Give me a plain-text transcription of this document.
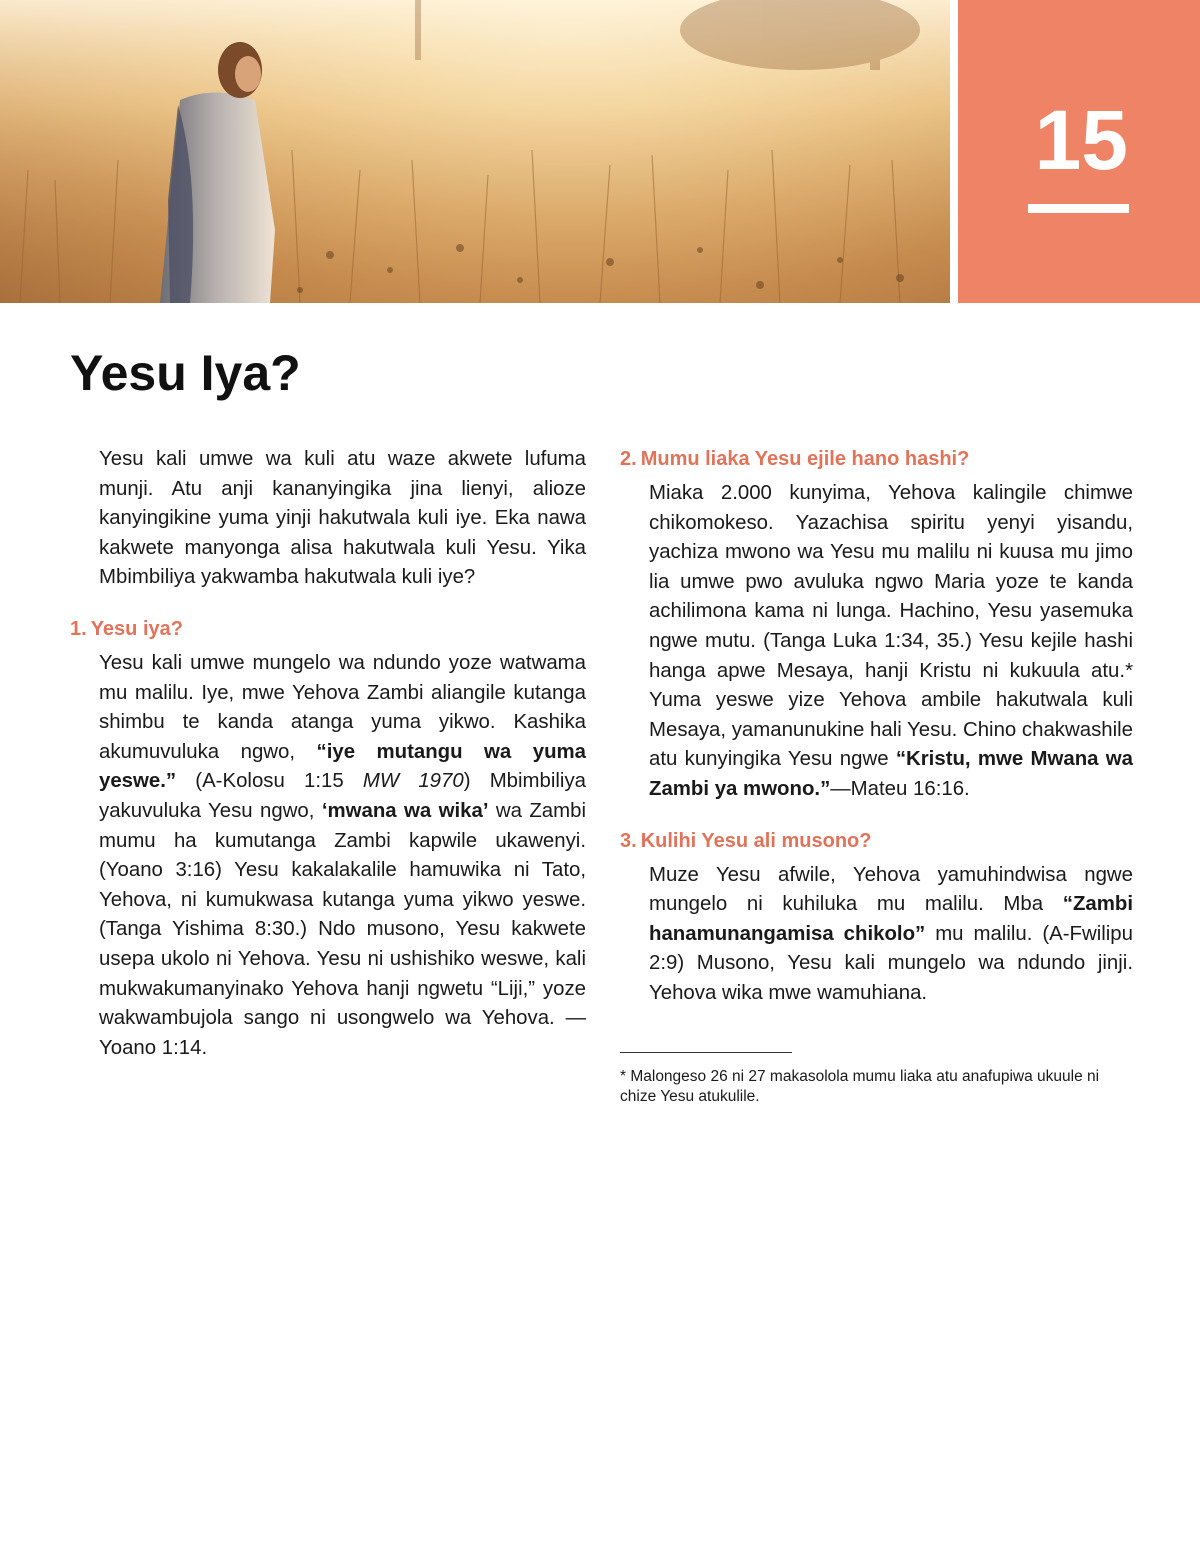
15
Yesu Iya?

Yesu kali umwe wa kuli atu waze akwete lufuma munji. Atu anji kananyingika jina lienyi, alioze kanyingikine yuma yinji hakutwala kuli iye. Eka nawa kakwete manyonga alisa hakutwala kuli Yesu. Yika Mbimbiliya yakwamba hakutwala kuli iye?

1. Yesu iya?

Yesu kali umwe mungelo wa ndundo yoze watwama mu malilu. Iye, mwe Yehova Zambi aliangile kutanga shimbu te kanda atanga yuma yikwo. Kashika akumuvuluka ngwo, “iye mutangu wa yuma yeswe.” (A-Kolosu 1:15 MW 1970) Mbimbiliya yakuvuluka Yesu ngwo, ‘mwana wa wika’ wa Zambi mumu ha kumutanga Zambi kapwile ukawenyi. (Yoano 3:16) Yesu kakalakalile hamuwika ni Tato, Yehova, ni kumukwasa kutanga yuma yikwo yeswe. (Tanga Yishima 8:30.) Ndo musono, Yesu kakwete usepa ukolo ni Yehova. Yesu ni ushishiko weswe, kali mukwakumanyinako Yehova hanji ngwetu “Liji,” yoze wakwambujola sango ni usongwelo wa Yehova. —Yoano 1:14.

2. Mumu liaka Yesu ejile hano hashi?

Miaka 2.000 kunyima, Yehova kalingile chimwe chikomokeso. Yazachisa spiritu yenyi yisandu, yachiza mwono wa Yesu mu malilu ni kuusa mu jimo lia umwe pwo avuluka ngwo Maria yoze te kanda achilimona kama ni lunga. Hachino, Yesu yasemuka ngwe mutu. (Tanga Luka 1:34, 35.) Yesu kejile hashi hanga apwe Mesaya, hanji Kristu ni kukuula atu.* Yuma yeswe yize Yehova ambile hakutwala kuli Mesaya, yamanunukine hali Yesu. Chino chakwashile atu kunyingika Yesu ngwe “Kristu, mwe Mwana wa Zambi ya mwono.”—Mateu 16:16.

3. Kulihi Yesu ali musono?

Muze Yesu afwile, Yehova yamuhindwisa ngwe mungelo ni kuhiluka mu malilu. Mba “Zambi hanamunangamisa chikolo” mu malilu. (A-Fwilipu 2:9) Musono, Yesu kali mungelo wa ndundo jinji. Yehova wika mwe wamuhiana.

* Malongeso 26 ni 27 makasolola mumu liaka atu anafupiwa ukuule ni chize Yesu atukulile.
